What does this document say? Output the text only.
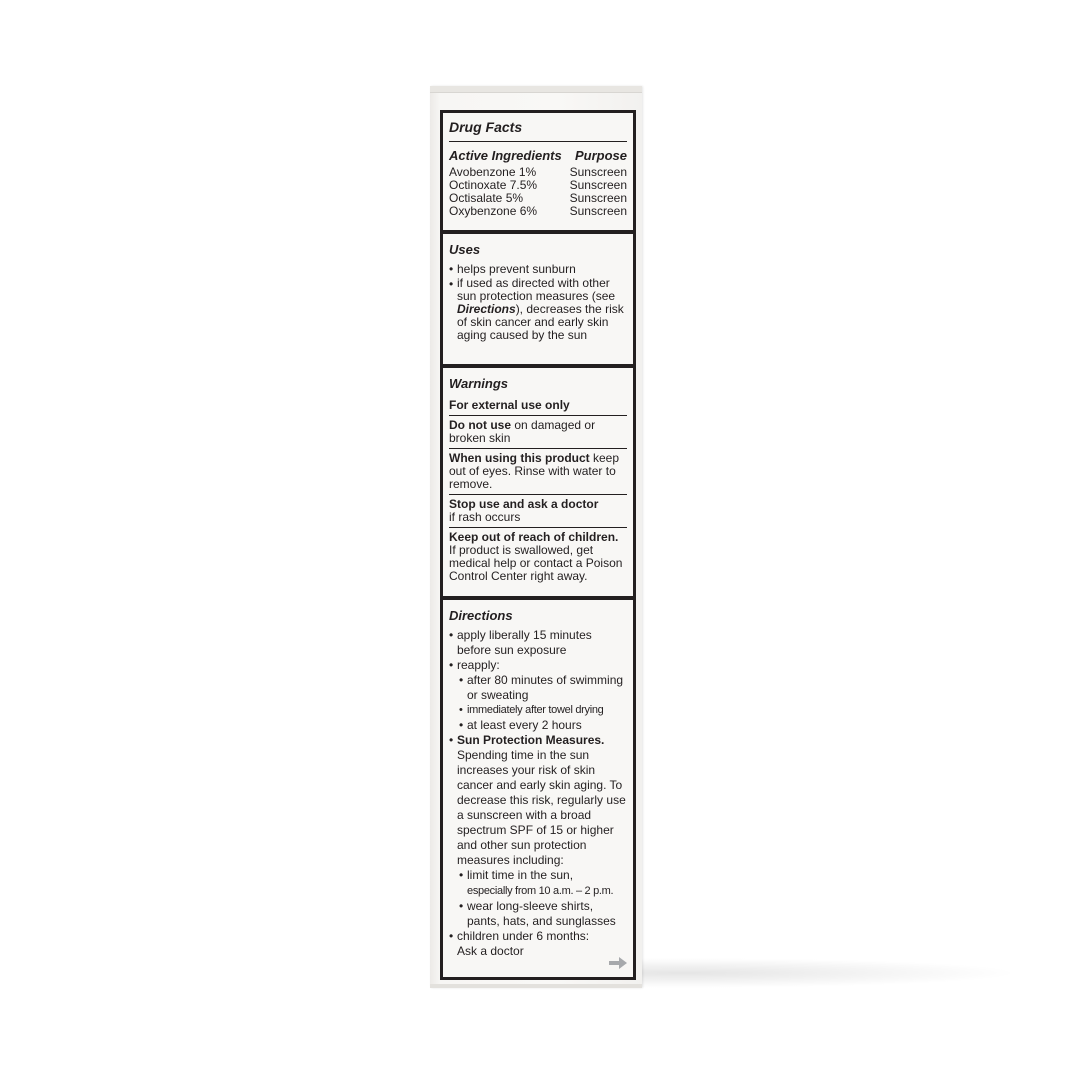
Drug Facts
Active Ingredients Purpose
Avobenzone 1%	Sunscreen
Octinoxate 7.5%	Sunscreen
Octisalate 5%	Sunscreen
Oxybenzone 6%	Sunscreen
Uses
• helps prevent sunburn
• if used as directed with other sun protection measures (see Directions), decreases the risk of skin cancer and early skin aging caused by the sun
Warnings
For external use only
Do not use on damaged or broken skin
When using this product keep out of eyes. Rinse with water to remove.
Stop use and ask a doctor
if rash occurs
Keep out of reach of children.
If product is swallowed, get medical help or contact a Poison Control Center right away.
Directions
• apply liberally 15 minutes before sun exposure
• reapply:
• after 80 minutes of swimming or sweating
• immediately after towel drying
• at least every 2 hours
• Sun Protection Measures.
Spending time in the sun increases your risk of skin cancer and early skin aging. To decrease this risk, regularly use a sunscreen with a broad spectrum SPF of 15 or higher and other sun protection measures including:
• limit time in the sun,
especially from 10 a.m. – 2 p.m.
• wear long-sleeve shirts, pants, hats, and sunglasses
• children under 6 months: Ask a doctor
